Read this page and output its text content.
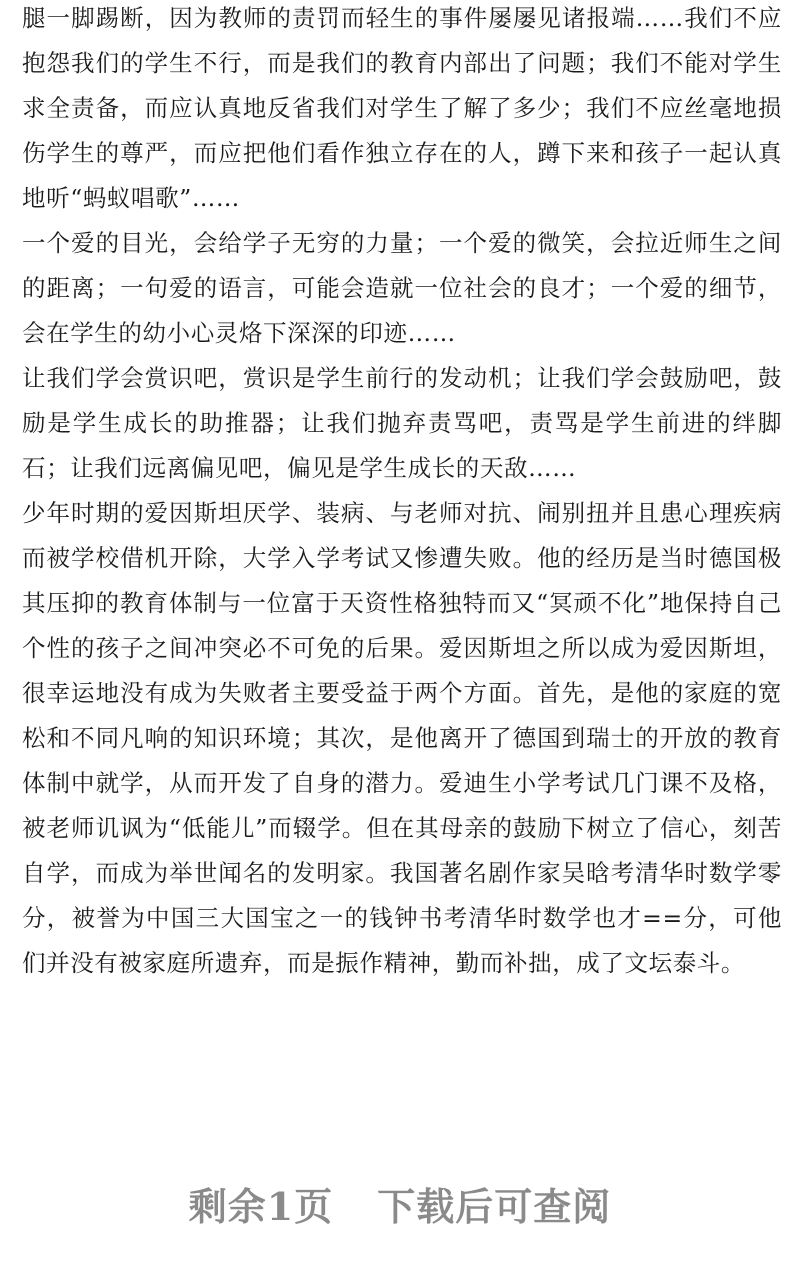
腿一脚踢断，因为教师的责罚而轻生的事件屡屡见诸报端……我们不应抱怨我们的学生不行，而是我们的教育内部出了问题；我们不能对学生求全责备，而应认真地反省我们对学生了解了多少；我们不应丝毫地损伤学生的尊严，而应把他们看作独立存在的人，蹲下来和孩子一起认真地听“蚂蚁唱歌”……

一个爱的目光，会给学子无穷的力量；一个爱的微笑，会拉近师生之间的距离；一句爱的语言，可能会造就一位社会的良才；一个爱的细节，会在学生的幼小心灵烙下深深的印迹……

让我们学会赏识吧，赏识是学生前行的发动机；让我们学会鼓励吧，鼓励是学生成长的助推器；让我们抛弃责骂吧，责骂是学生前进的绊脚石；让我们远离偏见吧，偏见是学生成长的天敌……

少年时期的爱因斯坦厌学、装病、与老师对抗、闹别扭并且患心理疾病而被学校借机开除，大学入学考试又惨遭失败。他的经历是当时德国极其压抑的教育体制与一位富于天资性格独特而又“冥顽不化”地保持自己个性的孩子之间冲突必不可免的后果。爱因斯坦之所以成为爱因斯坦，很幸运地没有成为失败者主要受益于两个方面。首先，是他的家庭的宽松和不同凡响的知识环境；其次，是他离开了德国到瑞士的开放的教育体制中就学，从而开发了自身的潜力。爱迪生小学考试几门课不及格，被老师讥讽为“低能儿”而辍学。但在其母亲的鼓励下树立了信心，刻苦自学，而成为举世闻名的发明家。我国著名剧作家吴晗考清华时数学零分，被誉为中国三大国宝之一的钱钟书考清华时数学也才==分，可他们并没有被家庭所遗弃，而是振作精神，勤而补拙，成了文坛泰斗。

剩余1页 下载后可查阅
